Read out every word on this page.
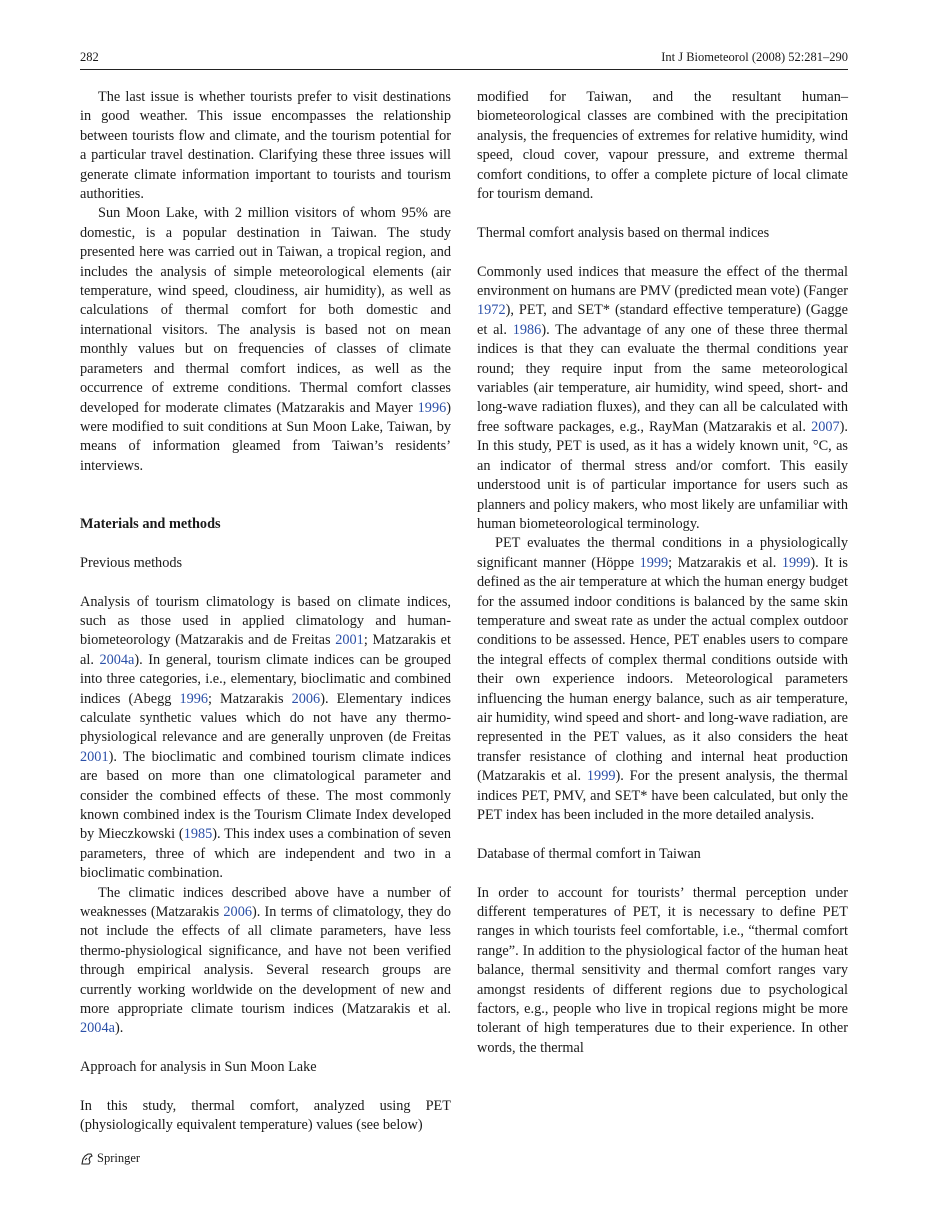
282	Int J Biometeorol (2008) 52:281–290

The last issue is whether tourists prefer to visit destinations in good weather. This issue encompasses the relationship between tourists flow and climate, and the tourism potential for a particular travel destination. Clarifying these three issues will generate climate information important to tourists and tourism authorities.

Sun Moon Lake, with 2 million visitors of whom 95% are domestic, is a popular destination in Taiwan. The study presented here was carried out in Taiwan, a tropical region, and includes the analysis of simple meteorological elements (air temperature, wind speed, cloudiness, air humidity), as well as calculations of thermal comfort for both domestic and international visitors. The analysis is based not on mean monthly values but on frequencies of classes of climate parameters and thermal comfort indices, as well as the occurrence of extreme conditions. Thermal comfort classes developed for moderate climates (Matzarakis and Mayer 1996) were modified to suit conditions at Sun Moon Lake, Taiwan, by means of information gleamed from Taiwan’s residents’ interviews.

Materials and methods
Previous methods

Analysis of tourism climatology is based on climate indices, such as those used in applied climatology and human-biometeorology (Matzarakis and de Freitas 2001; Matzarakis et al. 2004a). In general, tourism climate indices can be grouped into three categories, i.e., elementary, bioclimatic and combined indices (Abegg 1996; Matzarakis 2006). Elementary indices calculate synthetic values which do not have any thermo-physiological relevance and are generally unproven (de Freitas 2001). The bioclimatic and combined tourism climate indices are based on more than one climatological parameter and consider the combined effects of these. The most commonly known combined index is the Tourism Climate Index developed by Mieczkowski (1985). This index uses a combination of seven parameters, three of which are independent and two in a bioclimatic combination.

The climatic indices described above have a number of weaknesses (Matzarakis 2006). In terms of climatology, they do not include the effects of all climate parameters, have less thermo-physiological significance, and have not been verified through empirical analysis. Several research groups are currently working worldwide on the development of new and more appropriate climate tourism indices (Matzarakis et al. 2004a).

Approach for analysis in Sun Moon Lake

In this study, thermal comfort, analyzed using PET (physiologically equivalent temperature) values (see below)

modified for Taiwan, and the resultant human–biometeorological classes are combined with the precipitation analysis, the frequencies of extremes for relative humidity, wind speed, cloud cover, vapour pressure, and extreme thermal comfort conditions, to offer a complete picture of local climate for tourism demand.

Thermal comfort analysis based on thermal indices

Commonly used indices that measure the effect of the thermal environment on humans are PMV (predicted mean vote) (Fanger 1972), PET, and SET* (standard effective temperature) (Gagge et al. 1986). The advantage of any one of these three thermal indices is that they can evaluate the thermal conditions year round; they require input from the same meteorological variables (air temperature, air humidity, wind speed, short- and long-wave radiation fluxes), and they can all be calculated with free software packages, e.g., RayMan (Matzarakis et al. 2007). In this study, PET is used, as it has a widely known unit, °C, as an indicator of thermal stress and/or comfort. This easily understood unit is of particular importance for users such as planners and policy makers, who most likely are unfamiliar with human biometeorological terminology.

PET evaluates the thermal conditions in a physiologically significant manner (Höppe 1999; Matzarakis et al. 1999). It is defined as the air temperature at which the human energy budget for the assumed indoor conditions is balanced by the same skin temperature and sweat rate as under the actual complex outdoor conditions to be assessed. Hence, PET enables users to compare the integral effects of complex thermal conditions outside with their own experience indoors. Meteorological parameters influencing the human energy balance, such as air temperature, air humidity, wind speed and short- and long-wave radiation, are represented in the PET values, as it also considers the heat transfer resistance of clothing and internal heat production (Matzarakis et al. 1999). For the present analysis, the thermal indices PET, PMV, and SET* have been calculated, but only the PET index has been included in the more detailed analysis.

Database of thermal comfort in Taiwan

In order to account for tourists’ thermal perception under different temperatures of PET, it is necessary to define PET ranges in which tourists feel comfortable, i.e., “thermal comfort range”. In addition to the physiological factor of the human heat balance, thermal sensitivity and thermal comfort ranges vary amongst residents of different regions due to psychological factors, e.g., people who live in tropical regions might be more tolerant of high temperatures due to their experience. In other words, the thermal

Springer
